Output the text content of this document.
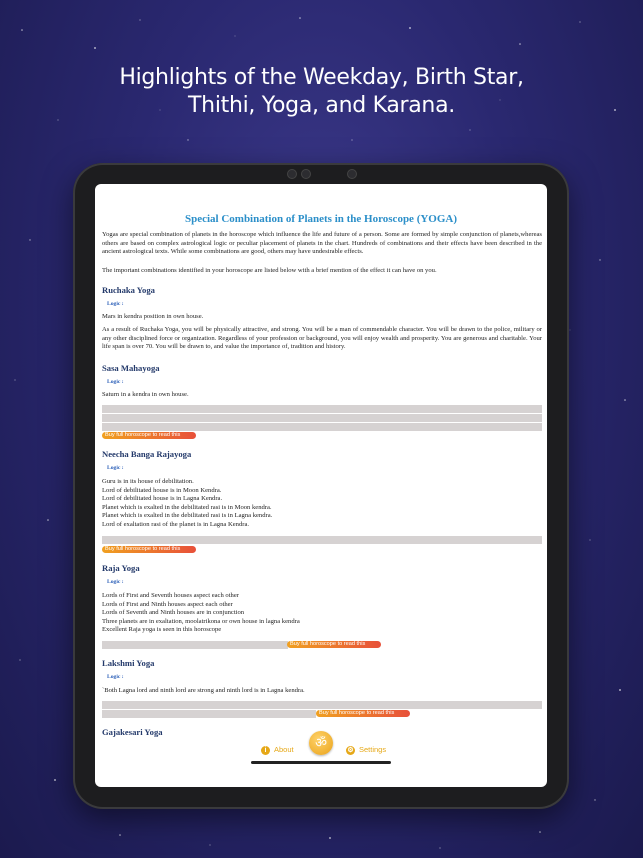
Highlights of the Weekday, Birth Star,
Thithi, Yoga, and Karana.
Special Combination of Planets in the Horoscope (YOGA)
Yogas are special combination of planets in the horoscope which influence the life and future of a person. Some are formed by simple conjunction of planets,whereas others are based on complex astrological logic or peculiar placement of planets in the chart. Hundreds of combinations and their effects have been described in the ancient astrological texts. While some combinations are good, others may have undesirable effects.
The important combinations identified in your horoscope are listed below with a brief mention of the effect it can have on you.
Ruchaka Yoga
Logic :
Mars in kendra position in own house.
As a result of Ruchaka Yoga, you will be physically attractive, and strong. You will be a man of commendable character. You will be drawn to the police, military or any other disciplined force or organization. Regardless of your profession or background, you will enjoy wealth and prosperity. You are generous and charitable. Your life span is over 70. You will be drawn to, and value the importance of, tradition and history.
Sasa Mahayoga
Logic :
Saturn in a kendra in own house.
Buy full horoscope to read this
Neecha Banga Rajayoga
Logic :
Guru is in its house of debilitation.
Lord of debilitated house is in Moon Kendra.
Lord of debilitated house is in Lagna Kendra.
Planet which is exalted in the debilitated rasi is in Moon kendra.
Planet which is exalted in the debilitated rasi is in Lagna kendra.
Lord of exaltation rasi of the planet is in Lagna Kendra.
Buy full horoscope to read this
Raja Yoga
Logic :
Lords of First and Seventh houses aspect each other
Lords of First and Ninth houses aspect each other
Lords of Seventh and Ninth houses are in conjunction
Three planets are in exaltation, moolatrikona or own house in lagna kendra
Excellent Raja yoga is seen in this horoscope
Buy full horoscope to read this
Lakshmi Yoga
Logic :
`Both Lagna lord and ninth lord are strong and ninth lord is in Lagna kendra.
Buy full horoscope to read this
Gajakesari Yoga
i About	ॐ
⚙ Settings
